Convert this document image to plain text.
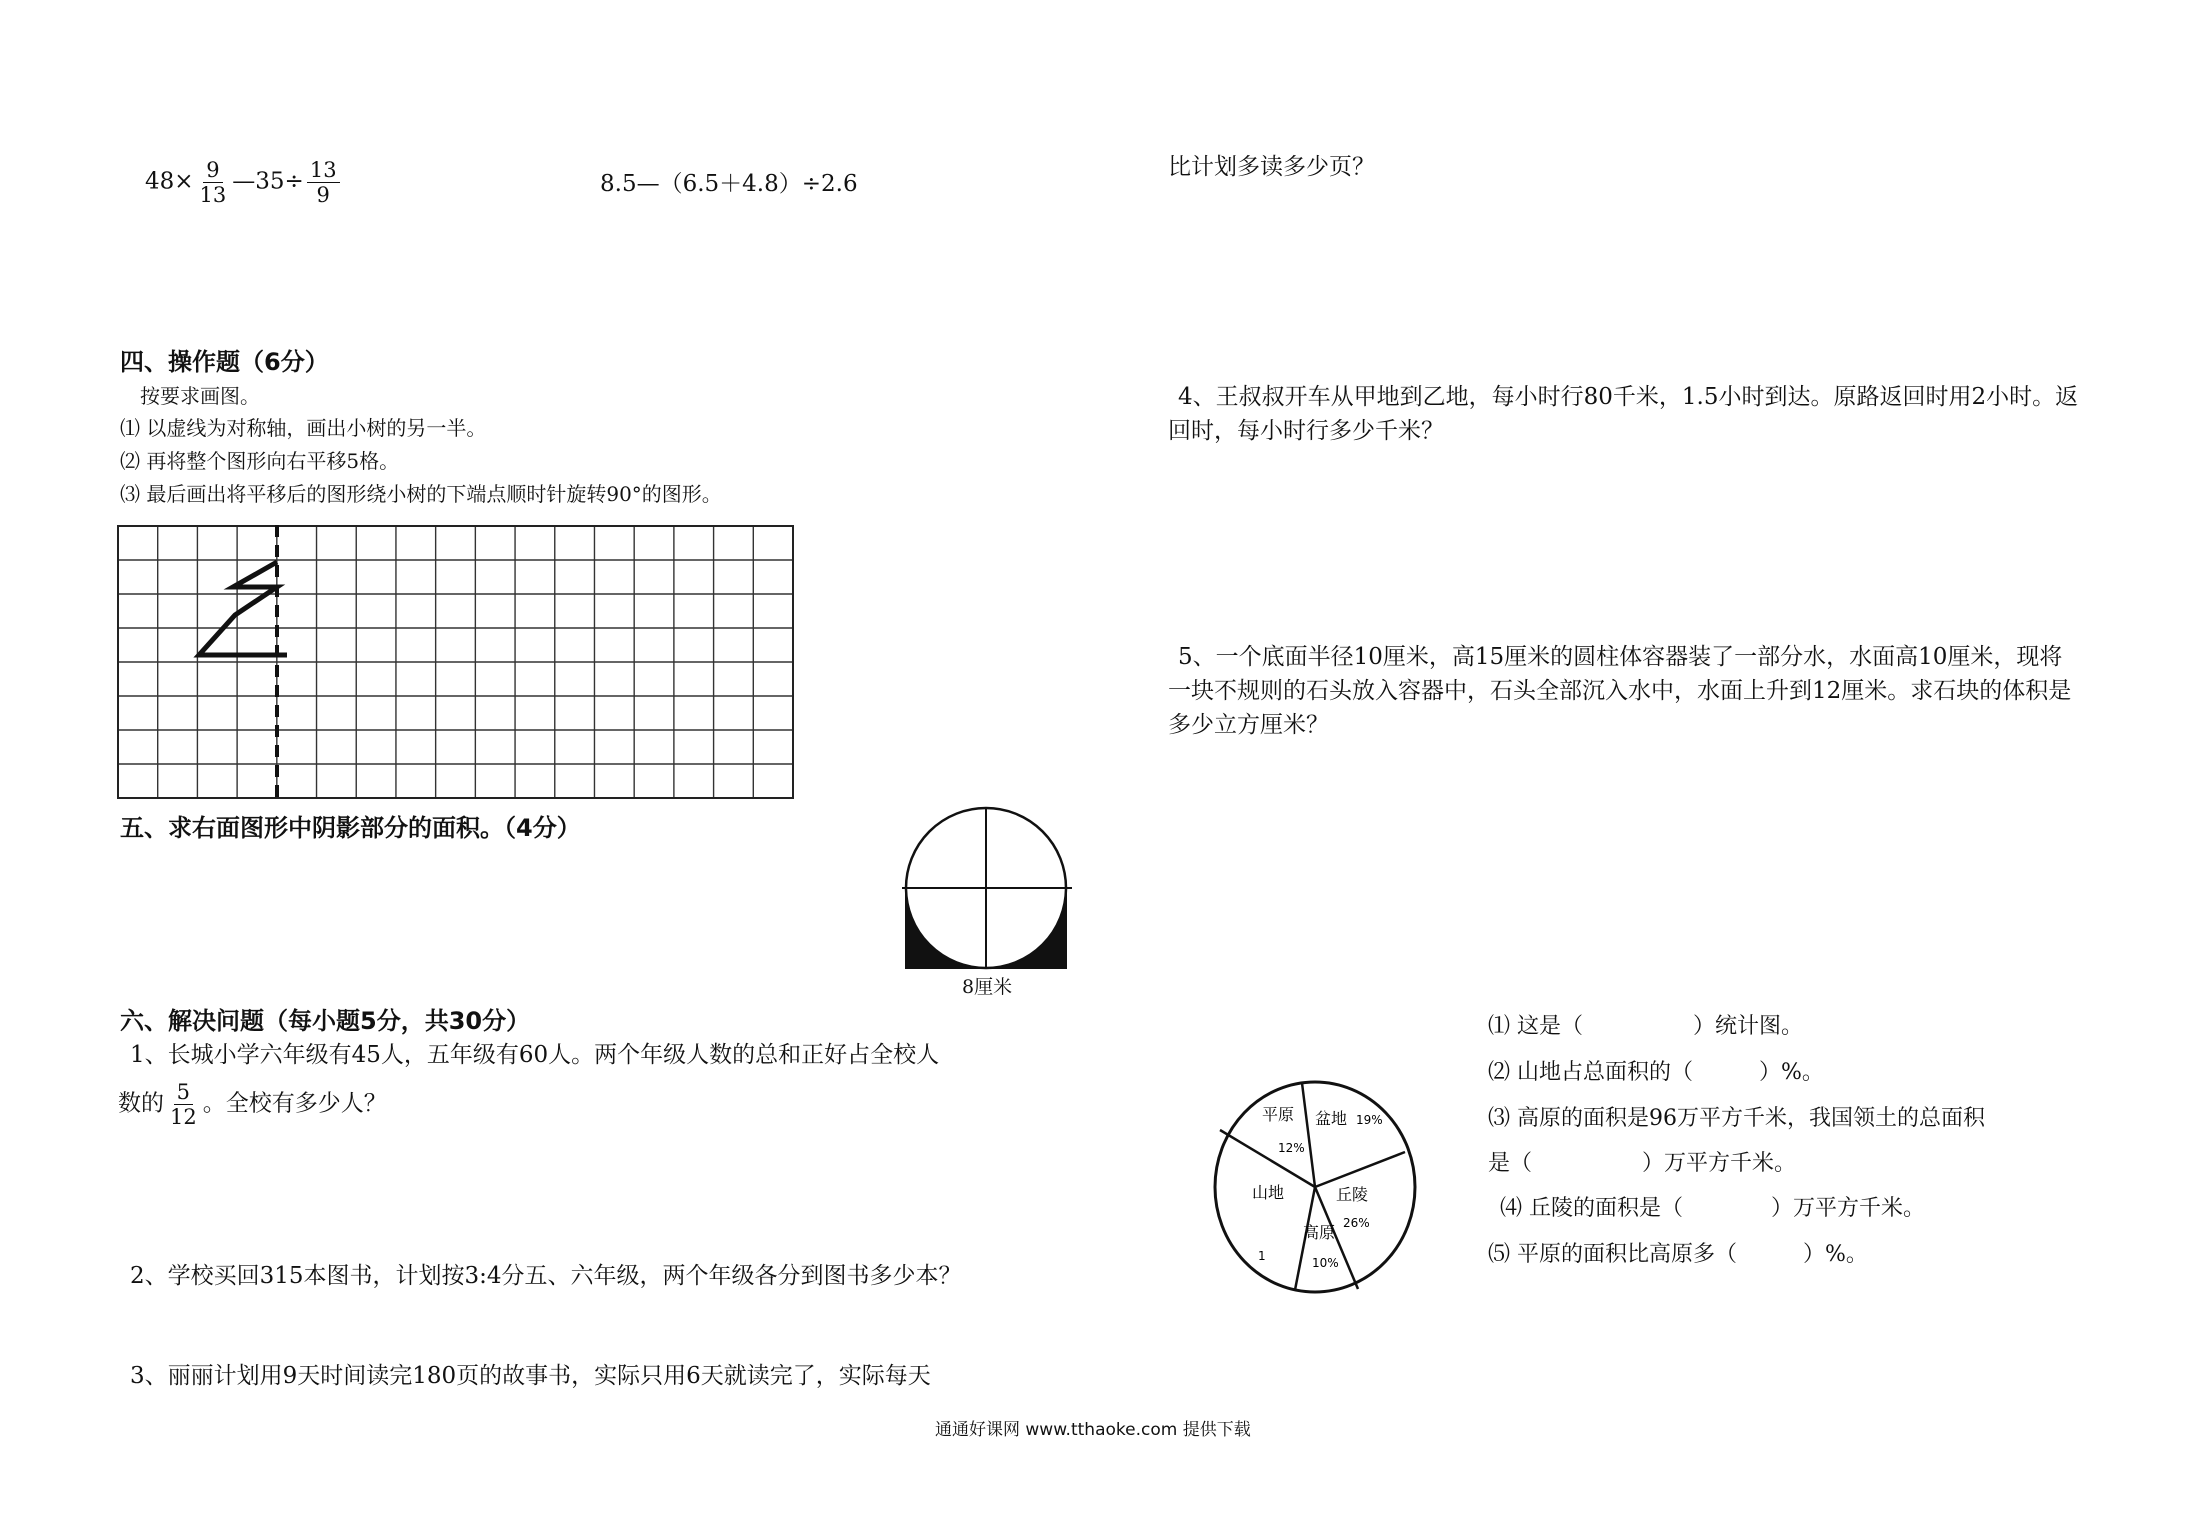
$48\times \frac{9}{13}$ —35÷ $\frac{13}{9}$	8.5—（6.5＋4.8）÷2.6
四、操作题（6分）
按要求画图。
⑴ 以虚线为对称轴，画出小树的另一半。
⑵ 再将整个图形向右平移5格。
⑶ 最后画出将平移后的图形绕小树的下端点顺时针旋转90°的图形。
五、求右面图形中阴影部分的面积。（4分）
8厘米
六、解决问题（每小题5分，共30分）
1、长城小学六年级有45人，五年级有60人。两个年级人数的总和正好占全校人
数的 $\frac{5}{12}$ 。全校有多少人？
2、学校买回315本图书，计划按3:4分五、六年级，两个年级各分到图书多少本？
3、丽丽计划用9天时间读完180页的故事书，实际只用6天就读完了，实际每天
比计划多读多少页？
4、王叔叔开车从甲地到乙地，每小时行80千米，1.5小时到达。原路返回时用2小时。返回时，每小时行多少千米？
5、一个底面半径10厘米，高15厘米的圆柱体容器装了一部分水，水面高10厘米，现将一块不规则的石头放入容器中，石头全部沉入水中，水面上升到12厘米。求石块的体积是多少立方厘米？
平原
12%
盆地 19%
丘陵
26%
高原
10%
山地
1
⑴ 这是（　　　　　）统计图。
⑵ 山地占总面积的（　　　）%。
⑶ 高原的面积是96万平方千米，我国领土的总面积
是（　　　　　）万平方千米。
⑷ 丘陵的面积是（　　　　）万平方千米。
⑸ 平原的面积比高原多（　　　）%。
通通好课网 www.tthaoke.com 提供下载
